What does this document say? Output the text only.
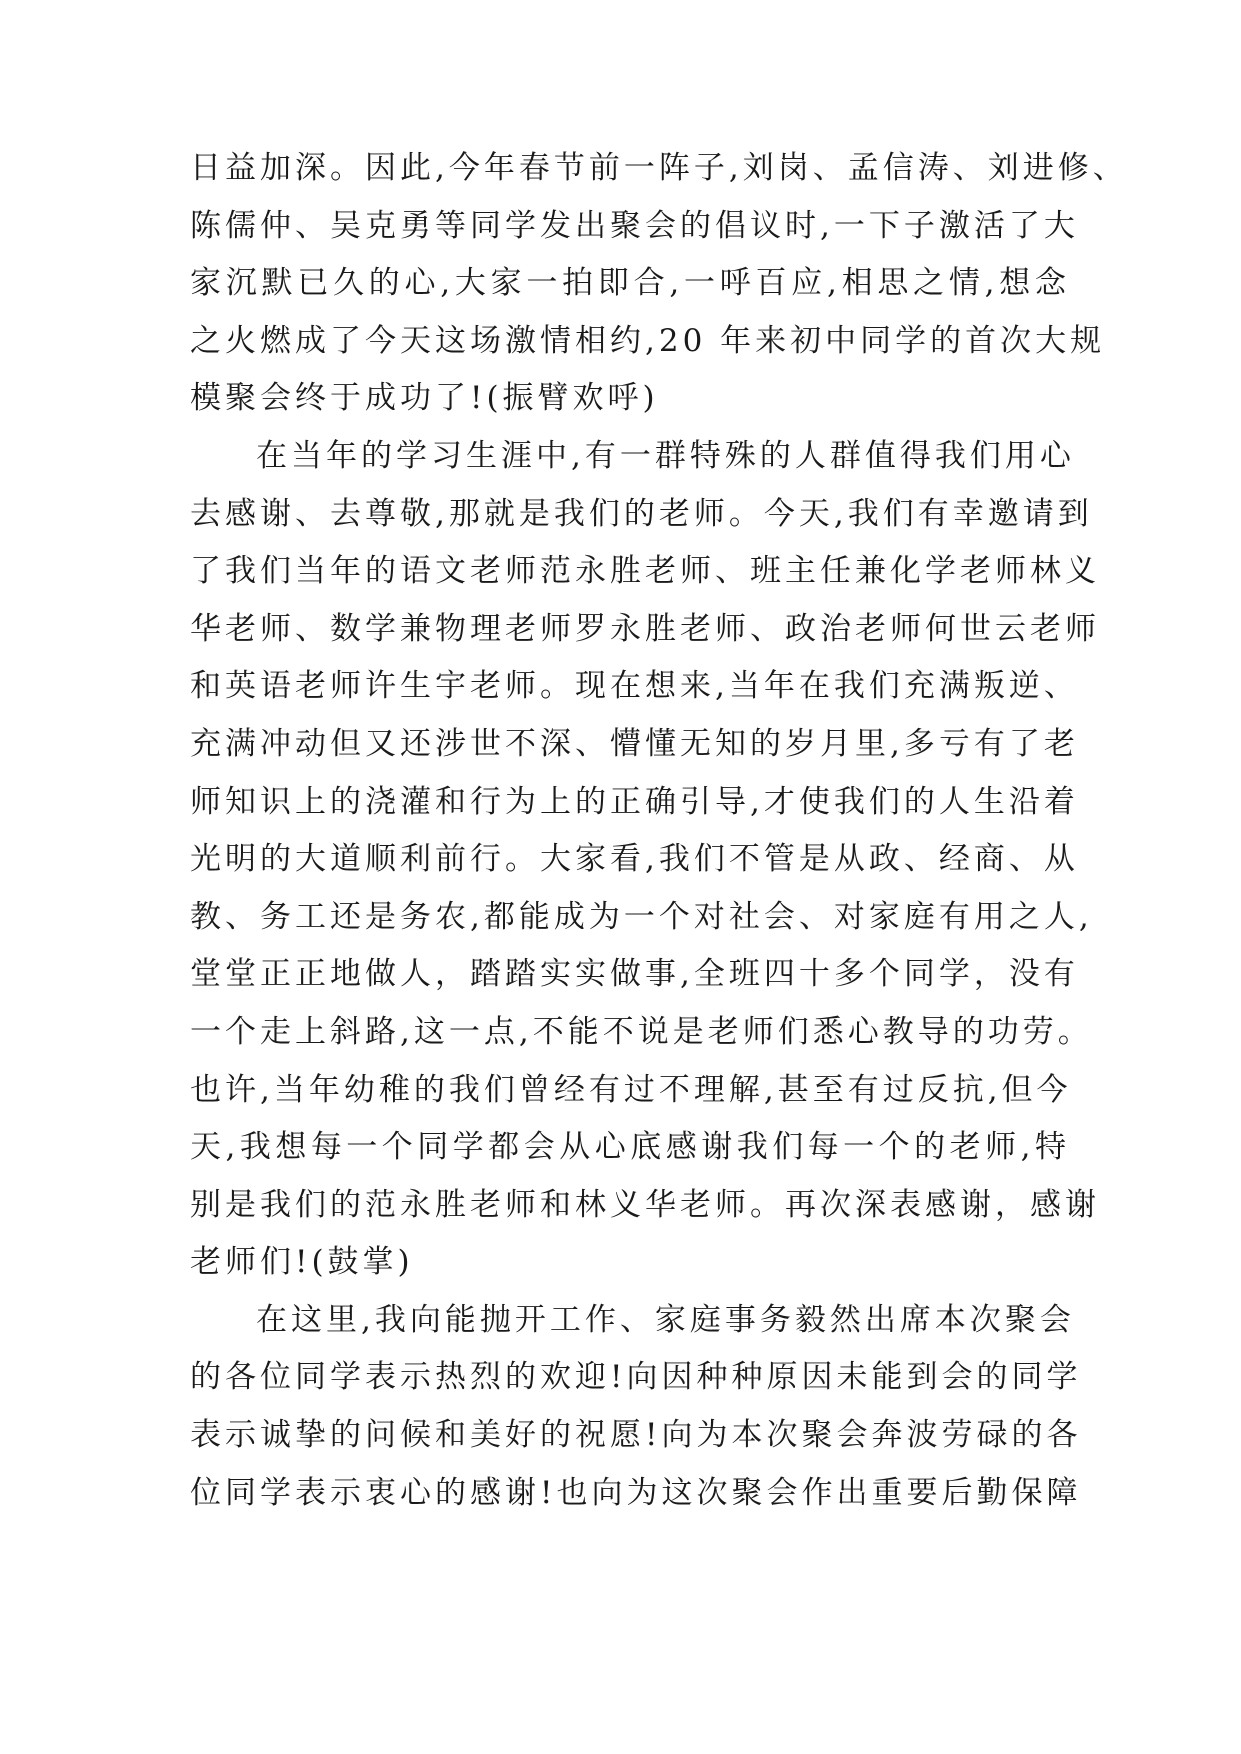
日益加深。因此,今年春节前一阵子,刘岗、孟信涛、刘进修、
陈儒仲、吴克勇等同学发出聚会的倡议时,一下子激活了大
家沉默已久的心,大家一拍即合,一呼百应,相思之情,想念
之火燃成了今天这场激情相约,20 年来初中同学的首次大规
模聚会终于成功了!(振臂欢呼)
在当年的学习生涯中,有一群特殊的人群值得我们用心
去感谢、去尊敬,那就是我们的老师。今天,我们有幸邀请到
了我们当年的语文老师范永胜老师、班主任兼化学老师林义
华老师、数学兼物理老师罗永胜老师、政治老师何世云老师
和英语老师许生宇老师。现在想来,当年在我们充满叛逆、
充满冲动但又还涉世不深、懵懂无知的岁月里,多亏有了老
师知识上的浇灌和行为上的正确引导,才使我们的人生沿着
光明的大道顺利前行。大家看,我们不管是从政、经商、从
教、务工还是务农,都能成为一个对社会、对家庭有用之人,
堂堂正正地做人，踏踏实实做事,全班四十多个同学，没有
一个走上斜路,这一点,不能不说是老师们悉心教导的功劳。
也许,当年幼稚的我们曾经有过不理解,甚至有过反抗,但今
天,我想每一个同学都会从心底感谢我们每一个的老师,特
别是我们的范永胜老师和林义华老师。再次深表感谢，感谢
老师们!(鼓掌)
在这里,我向能抛开工作、家庭事务毅然出席本次聚会
的各位同学表示热烈的欢迎!向因种种原因未能到会的同学
表示诚挚的问候和美好的祝愿!向为本次聚会奔波劳碌的各
位同学表示衷心的感谢!也向为这次聚会作出重要后勤保障
